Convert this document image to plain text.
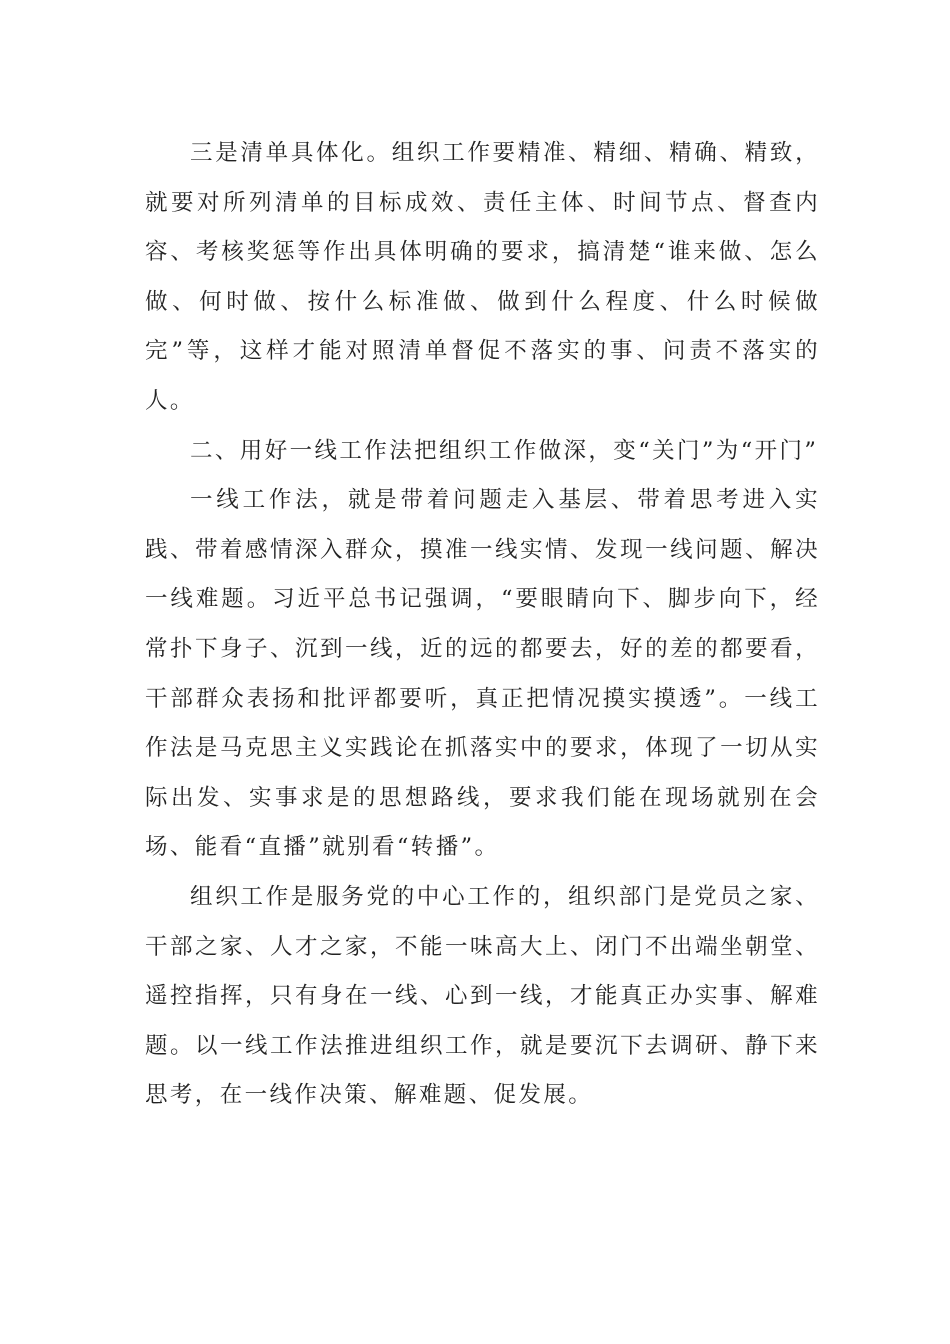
三是清单具体化。组织工作要精准、精细、精确、精致，就要对所列清单的目标成效、责任主体、时间节点、督查内容、考核奖惩等作出具体明确的要求，搞清楚“谁来做、怎么做、何时做、按什么标准做、做到什么程度、什么时候做完”等，这样才能对照清单督促不落实的事、问责不落实的人。

二、用好一线工作法把组织工作做深，变“关门”为“开门”

一线工作法，就是带着问题走入基层、带着思考进入实践、带着感情深入群众，摸准一线实情、发现一线问题、解决一线难题。习近平总书记强调，“要眼睛向下、脚步向下，经常扑下身子、沉到一线，近的远的都要去，好的差的都要看，干部群众表扬和批评都要听，真正把情况摸实摸透”。一线工作法是马克思主义实践论在抓落实中的要求，体现了一切从实际出发、实事求是的思想路线，要求我们能在现场就别在会场、能看“直播”就别看“转播”。

组织工作是服务党的中心工作的，组织部门是党员之家、干部之家、人才之家，不能一味高大上、闭门不出端坐朝堂、遥控指挥，只有身在一线、心到一线，才能真正办实事、解难题。以一线工作法推进组织工作，就是要沉下去调研、静下来思考，在一线作决策、解难题、促发展。
